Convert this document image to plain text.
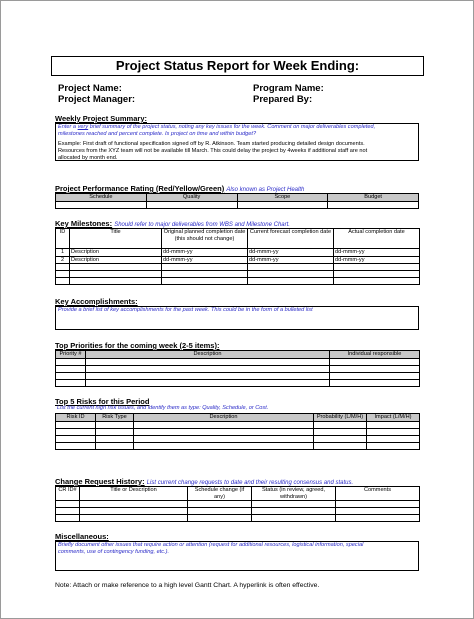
Project Status Report for Week Ending:
Project Name:	Program Name:
Project Manager:	Prepared By:
Weekly Project Summary:
Enter a very brief summary of the project status, noting any key issues for the week. Comment on major deliverables completed,
milestones reached and percent complete. Is project on time and within budget?
Example: First draft of functional specification signed off by R. Atkinson. Team started producing detailed design documents.
Resources from the XYZ team will not be available till March. This could delay the project by 4weeks if additional staff are not
allocated by month end.
Project Performance Rating (Red/Yellow/Green) Also known as Project Health
Schedule	Quality	Scope	Budget

Key Milestones: Should refer to major deliverables from WBS and Milestone Chart.
ID	Title	Original planned completion date (this should not change)	Current forecast completion date	Actual completion date
1	Description	dd-mmm-yy	dd-mmm-yy	dd-mmm-yy
2	Description	dd-mmm-yy	dd-mmm-yy	dd-mmm-yy

Key Accomplishments:
Provide a brief list of key accomplishments for the past week. This could be in the form of a bulleted list
Top Priorities for the coming week (2-5 items):
Priority #	Description	Individual responsible

Top 5 Risks for this Period
List the current high risk issues, and identify them as type: Quality, Schedule, or Cost.
Risk ID	Risk Type	Description	Probability (L/M/H)	Impact (L/M/H)

Change Request History: List current change requests to date and their resulting consensus and status.
CR ID#	Title or Description	Schedule change (if any)	Status (in review, agreed, withdrawn)	Comments

Miscellaneous:
Briefly document other issues that require action or attention (request for additional resources, logistical information, special
comments, use of contingency funding, etc.).
Note: Attach or make reference to a high level Gantt Chart. A hyperlink is often effective.
